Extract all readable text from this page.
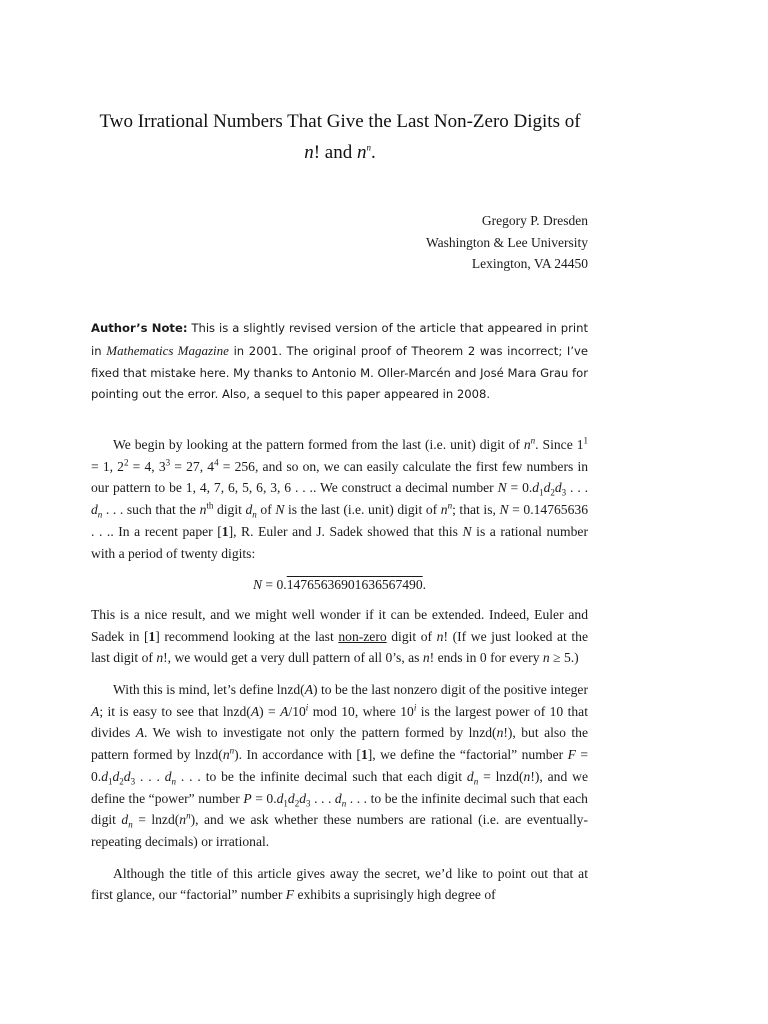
Two Irrational Numbers That Give the Last Non-Zero Digits of
n! and $n^n$.
Gregory P. Dresden
Washington & Lee University
Lexington, VA 24450
Author’s Note: This is a slightly revised version of the article that appeared in print in Mathematics Magazine in 2001. The original proof of Theorem 2 was incorrect; I’ve fixed that mistake here. My thanks to Antonio M. Oller-Marcén and José Mara Grau for pointing out the error. Also, a sequel to this paper appeared in 2008.

We begin by looking at the pattern formed from the last (i.e. unit) digit of $n^n$. Since $1^1 = 1$, $2^2 = 4$, $3^3 = 27$, $4^4 = 256$, and so on, we can easily calculate the first few numbers in our pattern to be 1, 4, 7, 6, 5, 6, 3, 6 . . .. We construct a decimal number $N = 0.d_1d_2d_3$ . . . $d_n$ . . . such that the $n^{th}$ digit $d_n$ of N is the last (i.e. unit) digit of $n^n$; that is, N = 0.14765636 . . .. In a recent paper [1], R. Euler and J. Sadek showed that this N is a rational number with a period of twenty digits:

N = 0.14765636901636567490.

This is a nice result, and we might well wonder if it can be extended. Indeed, Euler and Sadek in [1] recommend looking at the last non-zero digit of n! (If we just looked at the last digit of n!, we would get a very dull pattern of all 0’s, as n! ends in 0 for every n ≥ 5.)

With this is mind, let’s define lnzd(A) to be the last nonzero digit of the positive integer A; it is easy to see that lnzd(A) = $A/10^i$ mod 10, where 10$^i$ is the largest power of 10 that divides A. We wish to investigate not only the pattern formed by lnzd(n!), but also the pattern formed by $lnzd(n^n)$. In accordance with [1], we define the “factorial” number $F = 0.d_1d_2d_3$ . . . $d_n$ . . . to be the infinite decimal such that each digit $d_n$ = lnzd(n!), and we define the “power” number $P = 0.d_1d_2d_3$ . . . $d_n$ . . . to be the infinite decimal such that each digit $d_n$ = $lnzd(n^n)$, and we ask whether these numbers are rational (i.e. are eventually-repeating decimals) or irrational.

Although the title of this article gives away the secret, we’d like to point out that at first glance, our “factorial” number F exhibits a suprisingly high degree of
